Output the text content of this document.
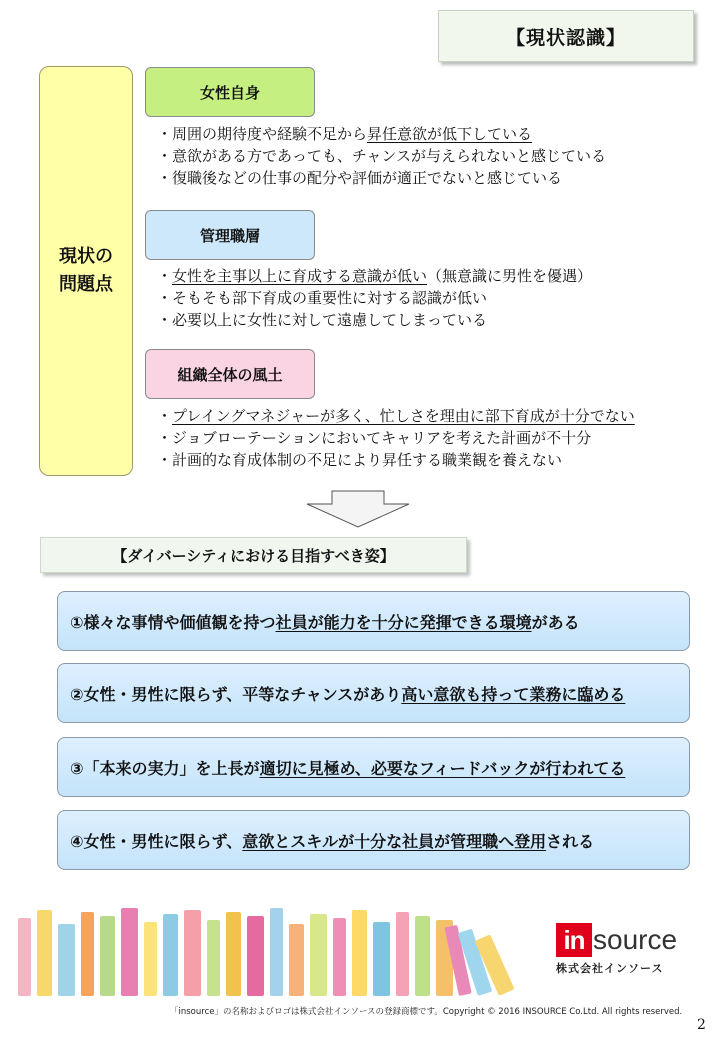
【現状認識】
現状の
問題点
女性自身
・周囲の期待度や経験不足から昇任意欲が低下している
・意欲がある方であっても、チャンスが与えられないと感じている
・復職後などの仕事の配分や評価が適正でないと感じている
管理職層
・女性を主事以上に育成する意識が低い（無意識に男性を優遇）
・そもそも部下育成の重要性に対する認識が低い
・必要以上に女性に対して遠慮してしまっている
組織全体の風土
・プレイングマネジャーが多く、忙しさを理由に部下育成が十分でない
・ジョブローテーションにおいてキャリアを考えた計画が不十分
・計画的な育成体制の不足により昇任する職業観を養えない
【ダイバーシティにおける目指すべき姿】
①様々な事情や価値観を持つ 社員が能力を十分に発揮できる環境 がある
②女性・男性に限らず、平等なチャンスがあり 高い意欲も持って業務に臨める
③「本来の実力」を上長が 適切に見極め、必要なフィードバックが行われてる
④女性・男性に限らず、 意欲とスキルが十分な社員が管理職へ登用 される
in source
株式会社インソース
「insource」の名称およびロゴは株式会社インソースの登録商標です。Copyright © 2016 INSOURCE Co.Ltd. All rights reserved.
2
